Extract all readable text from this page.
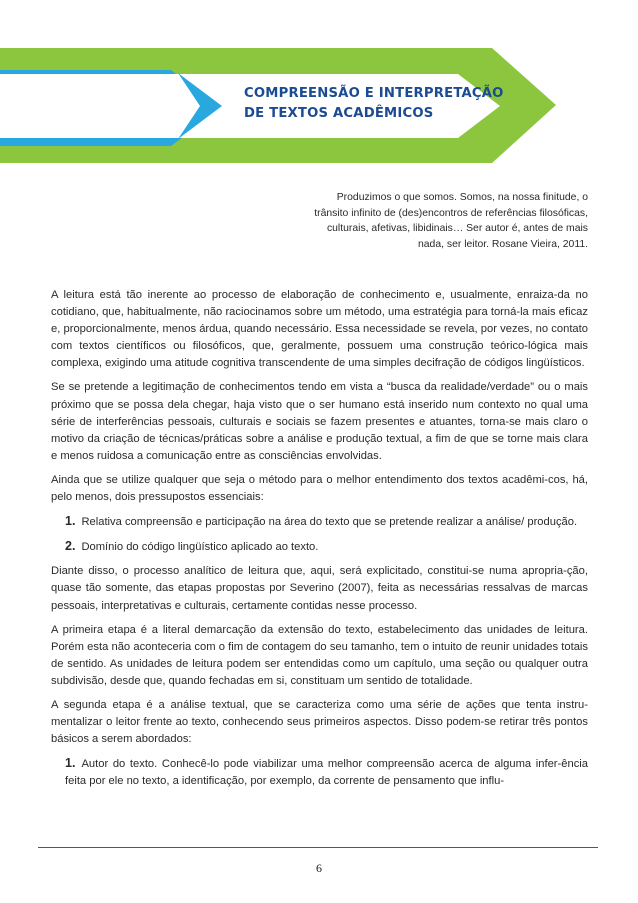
COMPREENSÃO E INTERPRETAÇÃO
DE TEXTOS ACADÊMICOS
Produzimos o que somos. Somos, na nossa finitude, o
trânsito infinito de (des)encontros de referências filosóficas,
culturais, afetivas, libidinais… Ser autor é, antes de mais
nada, ser leitor. Rosane Vieira, 2011.

A leitura está tão inerente ao processo de elaboração de conhecimento e, usualmente, enraiza-da no cotidiano, que, habitualmente, não raciocinamos sobre um método, uma estratégia para torná-la mais eficaz e, proporcionalmente, menos árdua, quando necessário. Essa necessidade se revela, por vezes, no contato com textos científicos ou filosóficos, que, geralmente, possuem uma construção teórico-lógica mais complexa, exigindo uma atitude cognitiva transcendente de uma simples decifração de códigos lingüísticos.

Se se pretende a legitimação de conhecimentos tendo em vista a “busca da realidade/verdade” ou o mais próximo que se possa dela chegar, haja visto que o ser humano está inserido num contexto no qual uma série de interferências pessoais, culturais e sociais se fazem presentes e atuantes, torna-se mais claro o motivo da criação de técnicas/práticas sobre a análise e produção textual, a fim de que se torne mais clara e menos ruidosa a comunicação entre as consciências envolvidas.

Ainda que se utilize qualquer que seja o método para o melhor entendimento dos textos acadêmi-cos, há, pelo menos, dois pressupostos essenciais:

1. Relativa compreensão e participação na área do texto que se pretende realizar a análise/ produção.
2. Domínio do código lingüístico aplicado ao texto.

Diante disso, o processo analítico de leitura que, aqui, será explicitado, constitui-se numa apropria-ção, quase tão somente, das etapas propostas por Severino (2007), feita as necessárias ressalvas de marcas pessoais, interpretativas e culturais, certamente contidas nesse processo.

A primeira etapa é a literal demarcação da extensão do texto, estabelecimento das unidades de leitura. Porém esta não aconteceria com o fim de contagem do seu tamanho, tem o intuito de reunir unidades totais de sentido. As unidades de leitura podem ser entendidas como um capítulo, uma seção ou qualquer outra subdivisão, desde que, quando fechadas em si, constituam um sentido de totalidade.

A segunda etapa é a análise textual, que se caracteriza como uma série de ações que tenta instru-mentalizar o leitor frente ao texto, conhecendo seus primeiros aspectos. Disso podem-se retirar três pontos básicos a serem abordados:

1. Autor do texto. Conhecê-lo pode viabilizar uma melhor compreensão acerca de alguma infer-ência feita por ele no texto, a identificação, por exemplo, da corrente de pensamento que influ-
6
